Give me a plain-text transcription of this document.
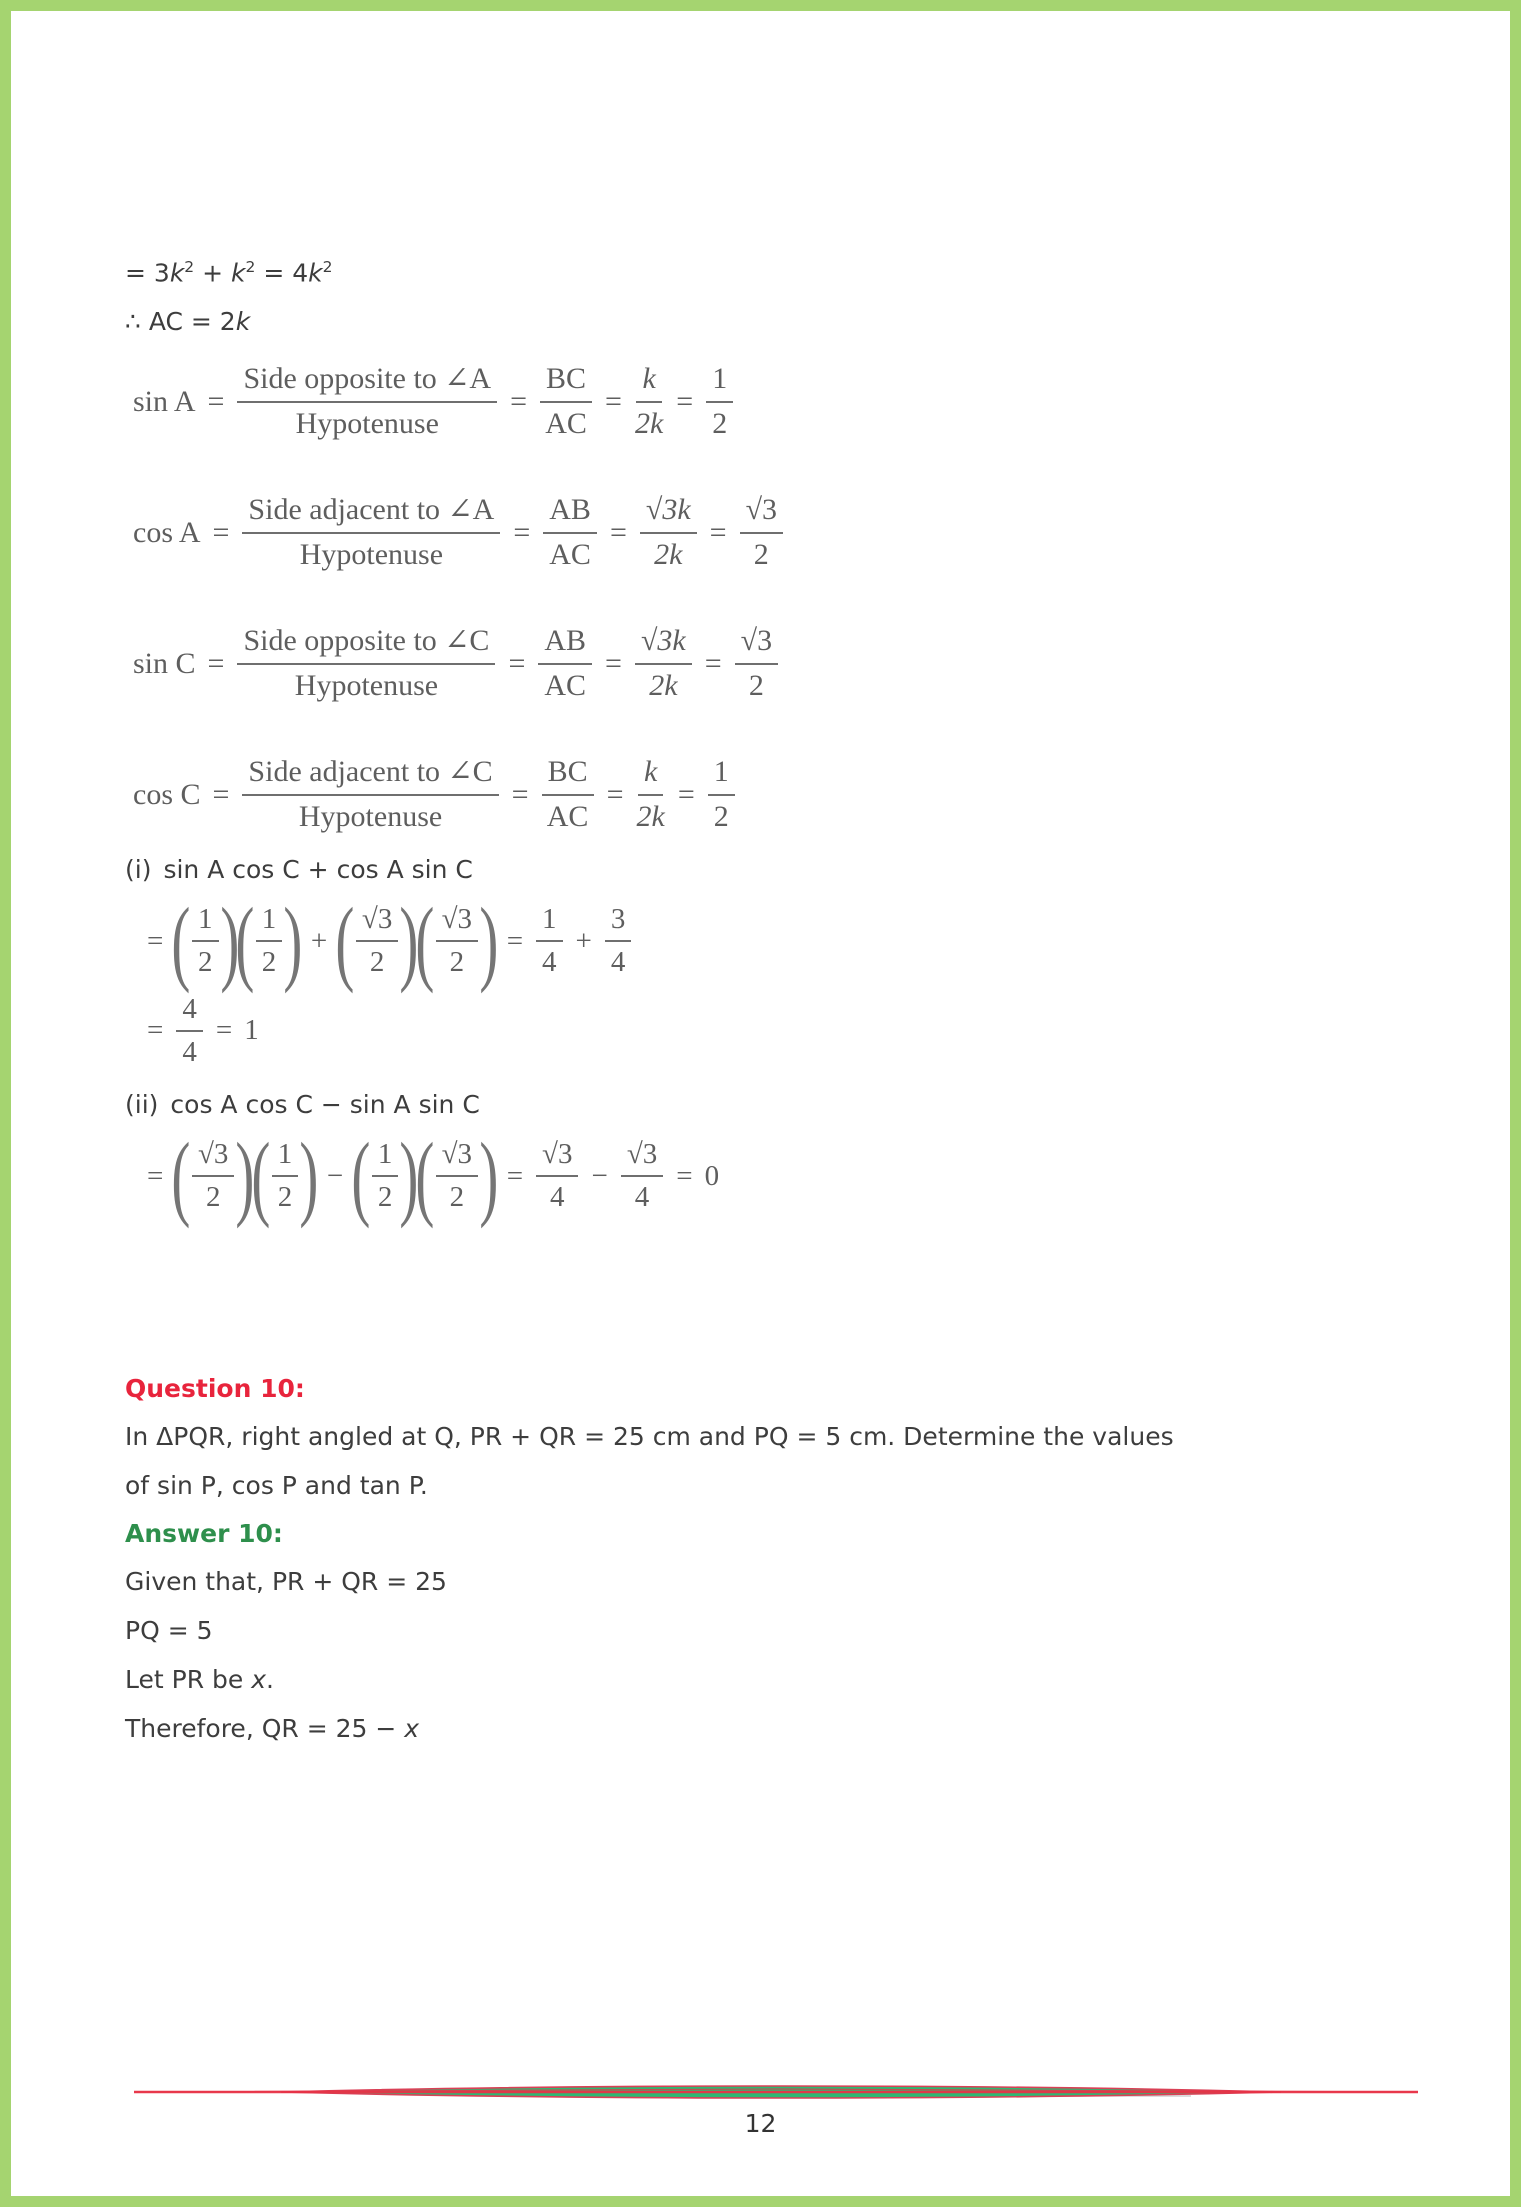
= $3k^2 + k^2 = 4k^2$

∴ AC = 2k

$\sin A = \frac{\text{Side opposite to ∠A}}{\text{Hypotenuse}} = \frac{BC}{AC} = \frac{k}{2k} = \frac{1}{2}$
$\cos A = \frac{\text{Side adjacent to ∠A}}{\text{Hypotenuse}} = \frac{AB}{AC} = \frac{√3k}{2k} = \frac{√3}{2}$
$\sin C = \frac{\text{Side opposite to ∠C}}{\text{Hypotenuse}} = \frac{AB}{AC} = \frac{√3k}{2k} = \frac{√3}{2}$
$\cos C = \frac{\text{Side adjacent to ∠C}}{\text{Hypotenuse}} = \frac{BC}{AC} = \frac{k}{2k} = \frac{1}{2}$

(i) sin A cos C + cos A sin C

= ( $\frac{1}{2}$ )
( $\frac{1}{2}$ ) + ( $\frac{√3}{2}$ )
( $\frac{√3}{2}$ ) = $\frac{1}{4} + \frac{3}{4}$
= $\frac{4}{4} = 1$

(ii) cos A cos C − sin A sin C

= ( $\frac{√3}{2}$ )
( $\frac{1}{2}$ ) − ( $\frac{1}{2}$ )
( $\frac{√3}{2}$ ) = $\frac{√3}{4} - \frac{√3}{4} = 0$
Question 10:

In ΔPQR, right angled at Q, PR + QR = 25 cm and PQ = 5 cm. Determine the values

of sin P, cos P and tan P.

Answer 10:

Given that, PR + QR = 25

PQ = 5

Let PR be x.

Therefore, QR = 25 − x

12
